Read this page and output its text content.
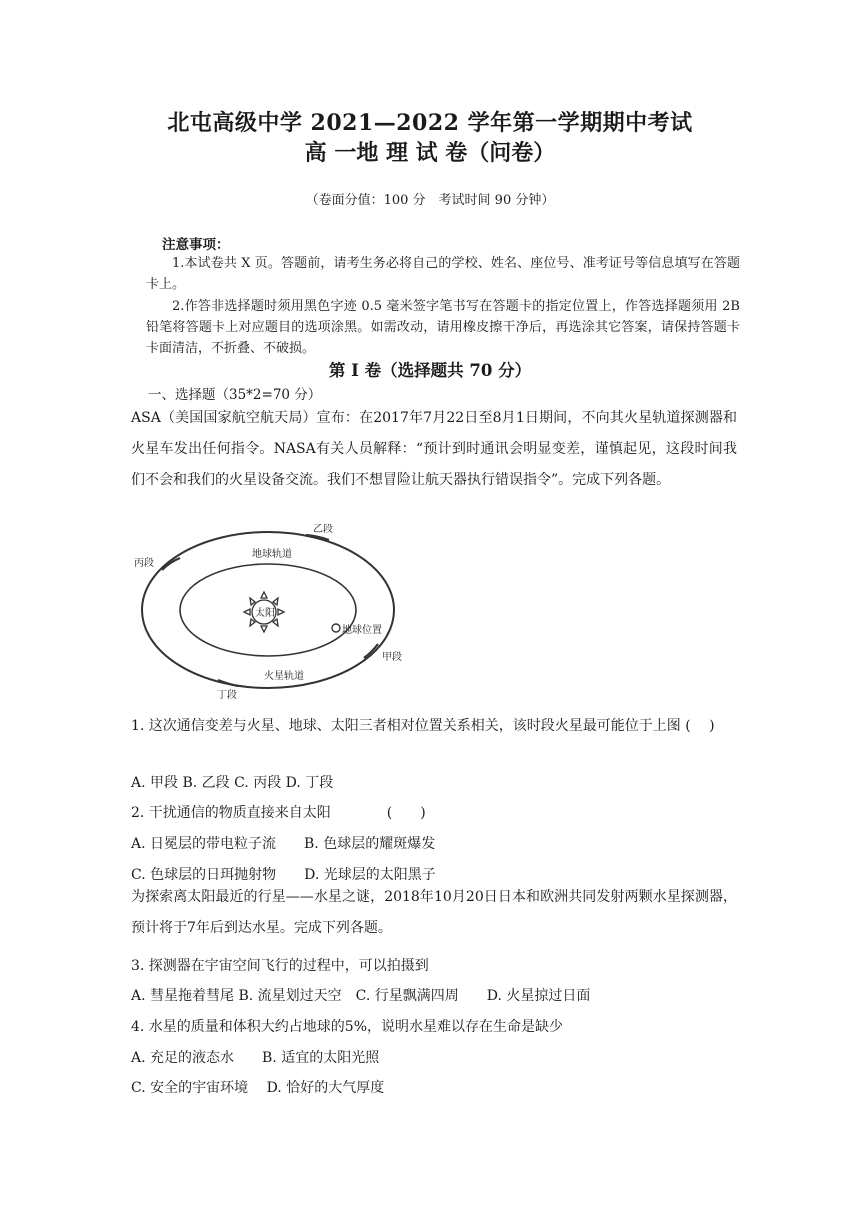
北屯高级中学 2021—2022 学年第一学期期中考试
高 一地 理 试 卷（问卷）
（卷面分值：100 分　考试时间 90 分钟）
注意事项：
1.本试卷共 X 页。答题前，请考生务必将自己的学校、姓名、座位号、准考证号等信息填写在答题卡上。
2.作答非选择题时须用黑色字迹 0.5 毫米签字笔书写在答题卡的指定位置上，作答选择题须用 2B 铅笔将答题卡上对应题目的选项涂黑。如需改动，请用橡皮擦干净后，再选涂其它答案，请保持答题卡卡面清洁，不折叠、不破损。
第 I 卷（选择题共 70 分）
一、选择题（35*2=70 分）
ASA（美国国家航空航天局）宣布：在2017年7月22日至8月1日期间，不向其火星轨道探测器和火星车发出任何指令。NASA有关人员解释：“预计到时通讯会明显变差，谨慎起见，这段时间我们不会和我们的火星设备交流。我们不想冒险让航天器执行错误指令”。完成下列各题。
太阳
地球轨道
火星轨道
地球位置
甲段
乙段
丙段
丁段
1. 这次通信变差与火星、地球、太阳三者相对位置关系相关，该时段火星最可能位于上图 (　 )
A. 甲段 B. 乙段 C. 丙段 D. 丁段
2. 干扰通信的物质直接来自太阳　　　　(　　)
A. 日冕层的带电粒子流　　B. 色球层的耀斑爆发
C. 色球层的日珥抛射物　　D. 光球层的太阳黑子
为探索离太阳最近的行星——水星之谜，2018年10月20日日本和欧洲共同发射两颗水星探测器，预计将于7年后到达水星。完成下列各题。
3. 探测器在宇宙空间飞行的过程中，可以拍摄到
A. 彗星拖着彗尾 B. 流星划过天空　C. 行星飘满四周　　D. 火星掠过日面
4. 水星的质量和体积大约占地球的5%，说明水星难以存在生命是缺少
A. 充足的液态水　　B. 适宜的太阳光照
C. 安全的宇宙环境　 D. 恰好的大气厚度
